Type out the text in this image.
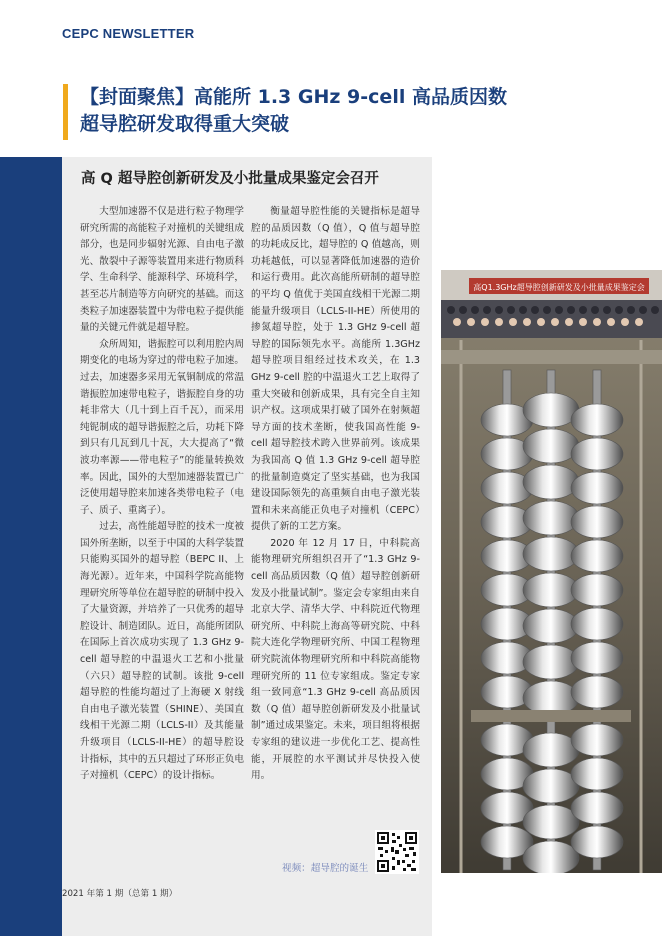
CEPC NEWSLETTER
【封面聚焦】高能所 1.3 GHz 9-cell 高品质因数
超导腔研发取得重大突破
高 Q 超导腔创新研发及小批量成果鉴定会召开

大型加速器不仅是进行粒子物理学研究所需的高能粒子对撞机的关键组成部分，也是同步辐射光源、自由电子激光、散裂中子源等装置用来进行物质科学、生命科学、能源科学、环境科学，甚至芯片制造等方向研究的基础。而这类粒子加速器装置中为带电粒子提供能量的关键元件就是超导腔。

众所周知，谐振腔可以利用腔内周期变化的电场为穿过的带电粒子加速。过去，加速器多采用无氧铜制成的常温谐振腔加速带电粒子，谐振腔自身的功耗非常大（几十到上百千瓦），而采用纯铌制成的超导谐振腔之后，功耗下降到只有几瓦到几十瓦，大大提高了“微波功率源——带电粒子”的能量转换效率。因此，国外的大型加速器装置已广泛使用超导腔来加速各类带电粒子（电子、质子、重离子）。

过去，高性能超导腔的技术一度被国外所垄断，以至于中国的大科学装置只能购买国外的超导腔（BEPC II、上海光源）。近年来，中国科学院高能物理研究所等单位在超导腔的研制中投入了大量资源，并培养了一只优秀的超导腔设计、制造团队。近日，高能所团队在国际上首次成功实现了 1.3 GHz 9-cell 超导腔的中温退火工艺和小批量（六只）超导腔的试制。该批 9-cell 超导腔的性能均超过了上海硬 X 射线自由电子激光装置（SHINE）、美国直线相干光源二期（LCLS-II）及其能量升级项目（LCLS-II-HE）的超导腔设计指标，其中的五只超过了环形正负电子对撞机（CEPC）的设计指标。

衡量超导腔性能的关键指标是超导腔的品质因数（Q 值），Q 值与超导腔的功耗成反比，超导腔的 Q 值越高，则功耗越低，可以显著降低加速器的造价和运行费用。此次高能所研制的超导腔的平均 Q 值优于美国直线相干光源二期能量升级项目（LCLS-II-HE）所使用的掺氮超导腔，处于 1.3 GHz 9-cell 超导腔的国际领先水平。高能所 1.3GHz 超导腔项目组经过技术攻关，在 1.3 GHz 9-cell 腔的中温退火工艺上取得了重大突破和创新成果，具有完全自主知识产权。这项成果打破了国外在射频超导方面的技术垄断，使我国高性能 9-cell 超导腔技术跨入世界前列。该成果为我国高 Q 值 1.3 GHz 9-cell 超导腔的批量制造奠定了坚实基础，也为我国建设国际领先的高重频自由电子激光装置和未来高能正负电子对撞机（CEPC）提供了新的工艺方案。

2020 年 12 月 17 日，中科院高能物理研究所组织召开了“1.3 GHz 9-cell 高品质因数（Q 值）超导腔创新研发及小批量试制”。鉴定会专家组由来自北京大学、清华大学、中科院近代物理研究所、中科院上海高等研究院、中科院大连化学物理研究所、中国工程物理研究院流体物理研究所和中科院高能物理研究所的 11 位专家组成。鉴定专家组一致同意“1.3 GHz 9-cell 高品质因数（Q 值）超导腔创新研发及小批量试制”通过成果鉴定。未来，项目组将根据专家组的建议进一步优化工艺、提高性能，开展腔的水平测试并尽快投入使用。

高Q1.3GHz超导腔创新研发及小批量成果鉴定会
视频：超导腔的诞生
2021 年第 1 期（总第 1 期）
